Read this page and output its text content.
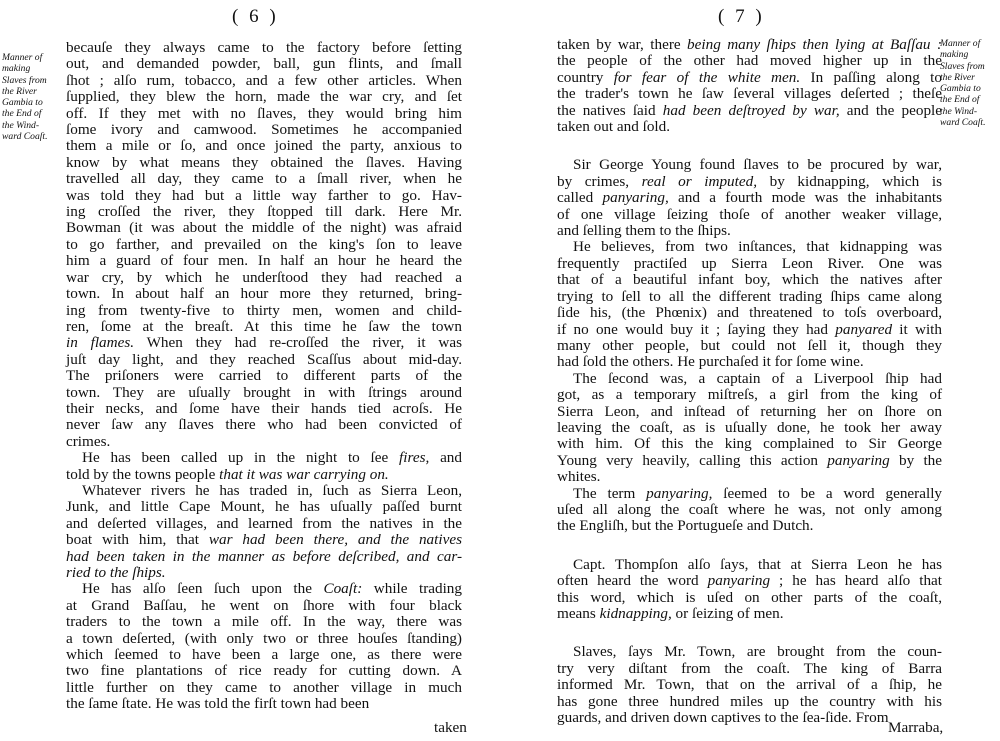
( 6 )
Manner of
making
Slaves from
the River
Gambia to
the End of
the Wind-
ward Coaſt.
becauſe they always came to the factory before ſetting
out, and demanded powder, ball, gun flints, and ſmall
ſhot ; alſo rum, tobacco, and a few other articles. When
ſupplied, they blew the horn, made the war cry, and ſet
off. If they met with no ſlaves, they would bring him
ſome ivory and camwood. Sometimes he accompanied
them a mile or ſo, and once joined the party, anxious to
know by what means they obtained the ſlaves. Having
travelled all day, they came to a ſmall river, when he
was told they had but a little way farther to go. Hav-
ing croſſed the river, they ſtopped till dark. Here Mr.
Bowman (it was about the middle of the night) was afraid
to go farther, and prevailed on the king's ſon to leave
him a guard of four men. In half an hour he heard the
war cry, by which he underſtood they had reached a
town. In about half an hour more they returned, bring-
ing from twenty-five to thirty men, women and child-
ren, ſome at the breaſt. At this time he ſaw the town
in flames. When they had re-croſſed the river, it was
juſt day light, and they reached Scaſſus about mid-day.
The priſoners were carried to different parts of the
town. They are uſually brought in with ſtrings around
their necks, and ſome have their hands tied acroſs. He
never ſaw any ſlaves there who had been convicted of
crimes.
He has been called up in the night to ſee fires, and
told by the towns people that it was war carrying on.
Whatever rivers he has traded in, ſuch as Sierra Leon,
Junk, and little Cape Mount, he has uſually paſſed burnt
and deſerted villages, and learned from the natives in the
boat with him, that war had been there, and the natives
had been taken in the manner as before deſcribed, and car-
ried to the ſhips.
He has alſo ſeen ſuch upon the Coaſt: while trading
at Grand Baſſau, he went on ſhore with four black
traders to the town a mile off. In the way, there was
a town deſerted, (with only two or three houſes ſtanding)
which ſeemed to have been a large one, as there were
two fine plantations of rice ready for cutting down. A
little further on they came to another village in much
the ſame ſtate. He was told the firſt town had been
taken
( 7 )
Manner of
making
Slaves from
the River
Gambia to
the End of
the Wind-
ward Coaſt.
taken by war, there being many ſhips then lying at Baſſau :
the people of the other had moved higher up in the
country for fear of the white men. In paſſing along to
the trader's town he ſaw ſeveral villages deſerted ; theſe
the natives ſaid had been deſtroyed by war, and the people
taken out and ſold.
Sir George Young found ſlaves to be procured by war,
by crimes, real or imputed, by kidnapping, which is
called panyaring, and a fourth mode was the inhabitants
of one village ſeizing thoſe of another weaker village,
and ſelling them to the ſhips.
He believes, from two inſtances, that kidnapping was
frequently practiſed up Sierra Leon River. One was
that of a beautiful infant boy, which the natives after
trying to ſell to all the different trading ſhips came along
ſide his, (the Phœnix) and threatened to toſs overboard,
if no one would buy it ; ſaying they had panyared it with
many other people, but could not ſell it, though they
had ſold the others. He purchaſed it for ſome wine.
The ſecond was, a captain of a Liverpool ſhip had
got, as a temporary miſtreſs, a girl from the king of
Sierra Leon, and inſtead of returning her on ſhore on
leaving the coaſt, as is uſually done, he took her away
with him. Of this the king complained to Sir George
Young very heavily, calling this action panyaring by the
whites.
The term panyaring, ſeemed to be a word generally
uſed all along the coaſt where he was, not only among
the Engliſh, but the Portugueſe and Dutch.
Capt. Thompſon alſo ſays, that at Sierra Leon he has
often heard the word panyaring ; he has heard alſo that
this word, which is uſed on other parts of the coaſt,
means kidnapping, or ſeizing of men.
Slaves, ſays Mr. Town, are brought from the coun-
try very diſtant from the coaſt. The king of Barra
informed Mr. Town, that on the arrival of a ſhip, he
has gone three hundred miles up the country with his
guards, and driven down captives to the ſea-ſide. From
Marraba,
